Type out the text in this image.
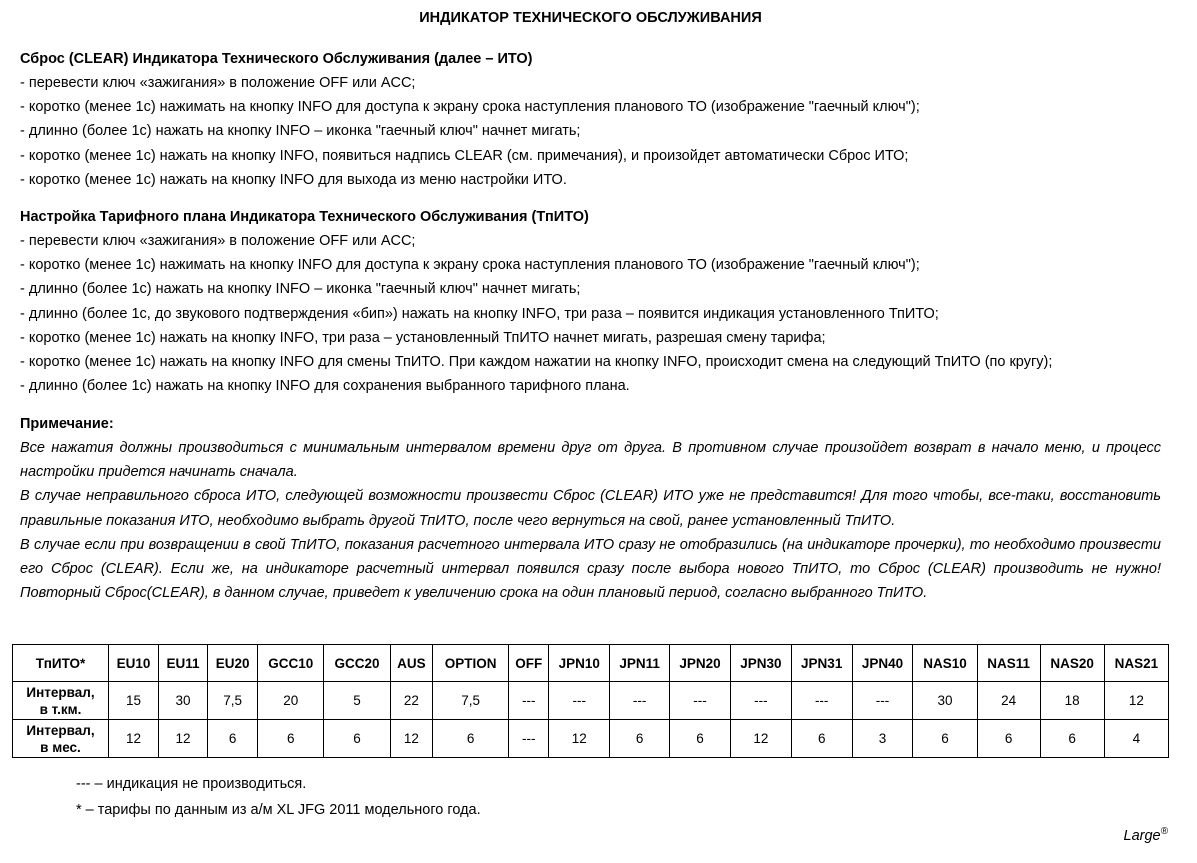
ИНДИКАТОР ТЕХНИЧЕСКОГО ОБСЛУЖИВАНИЯ
Сброс (CLEAR) Индикатора Технического Обслуживания (далее – ИТО)
- перевести ключ «зажигания» в положение OFF или ACC;
- коротко (менее 1с) нажимать на кнопку INFO для доступа к экрану срока наступления планового ТО (изображение "гаечный ключ");
- длинно (более 1с) нажать на кнопку INFO – иконка "гаечный ключ" начнет мигать;
- коротко (менее 1с) нажать на кнопку INFO, появиться надпись CLEAR (см. примечания), и произойдет автоматически Сброс ИТО;
- коротко (менее 1с) нажать на кнопку INFO для выхода из меню настройки ИТО.
Настройка Тарифного плана Индикатора Технического Обслуживания (ТпИТО)
- перевести ключ «зажигания» в положение OFF или ACC;
- коротко (менее 1с) нажимать на кнопку INFO для доступа к экрану срока наступления планового ТО (изображение "гаечный ключ");
- длинно (более 1с) нажать на кнопку INFO – иконка "гаечный ключ" начнет мигать;
- длинно (более 1с, до звукового подтверждения «бип») нажать на кнопку INFO, три раза – появится индикация установленного ТпИТО;
- коротко (менее 1с) нажать на кнопку INFO, три раза – установленный ТпИТО начнет мигать, разрешая смену тарифа;
- коротко (менее 1с) нажать на кнопку INFO для смены ТпИТО. При каждом нажатии на кнопку INFO, происходит смена на следующий ТпИТО (по кругу);
- длинно (более 1с) нажать на кнопку INFO для сохранения выбранного тарифного плана.
Примечание:

Все нажатия должны производиться с минимальным интервалом времени друг от друга. В противном случае произойдет возврат в начало меню, и процесс настройки придется начинать сначала.

В случае неправильного сброса ИТО, следующей возможности произвести Сброс (CLEAR) ИТО уже не представится! Для того чтобы, все-таки, восстановить правильные показания ИТО, необходимо выбрать другой ТпИТО, после чего вернуться на свой, ранее установленный ТпИТО.

В случае если при возвращении в свой ТпИТО, показания расчетного интервала ИТО сразу не отобразились (на индикаторе прочерки), то необходимо произвести его Сброс (CLEAR). Если же, на индикаторе расчетный интервал появился сразу после выбора нового ТпИТО, то Сброс (CLEAR) производить не нужно! Повторный Сброс(CLEAR), в данном случае, приведет к увеличению срока на один плановый период, согласно выбранного ТпИТО.

ТпИТО*	EU10	EU11	EU20	GCC10	GCC20	AUS	OPTION	OFF	JPN10	JPN11	JPN20	JPN30	JPN31	JPN40	NAS10	NAS11	NAS20	NAS21

Интервал,
в т.км.	15	30	7,5	20	5	22	7,5	---	---	---	---	---	---	---	30	24	18	12

Интервал,
в мес.	12	12	6	6	6	12	6	---	12	6	6	12	6	3	6	6	6	4
--- – индикация не производиться.
* – тарифы по данным из а/м XL JFG 2011 модельного года.
Large®
